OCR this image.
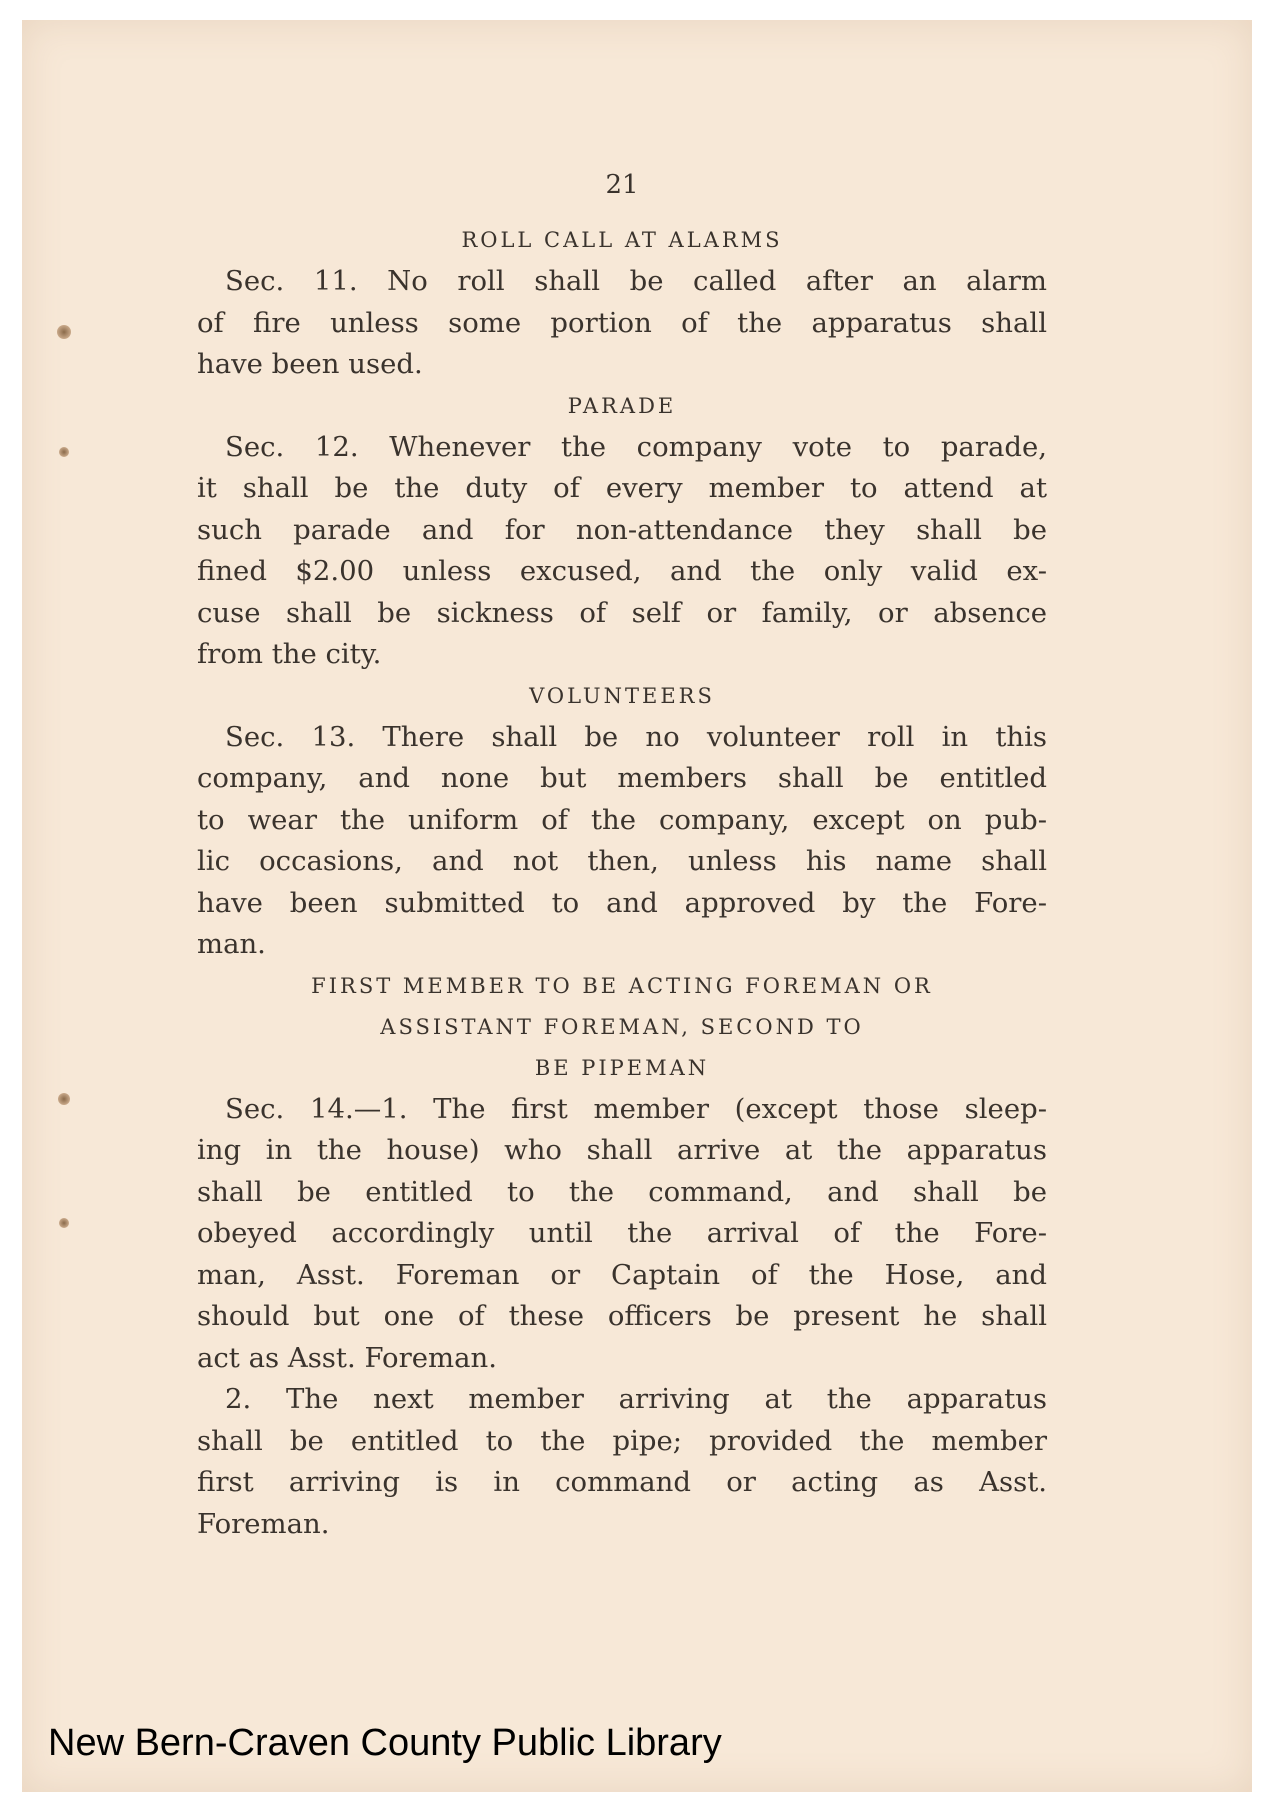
21

ROLL CALL AT ALARMS

Sec. 11. No roll shall be called after an alarm
of fire unless some portion of the apparatus shall
have been used.

PARADE

Sec. 12. Whenever the company vote to parade,
it shall be the duty of every member to attend at
such parade and for non-attendance they shall be
fined $2.00 unless excused, and the only valid ex-
cuse shall be sickness of self or family, or absence
from the city.

VOLUNTEERS

Sec. 13. There shall be no volunteer roll in this
company, and none but members shall be entitled
to wear the uniform of the company, except on pub-
lic occasions, and not then, unless his name shall
have been submitted to and approved by the Fore-
man.

FIRST MEMBER TO BE ACTING FOREMAN OR

ASSISTANT FOREMAN, SECOND TO

BE PIPEMAN

Sec. 14.—1. The first member (except those sleep-
ing in the house) who shall arrive at the apparatus
shall be entitled to the command, and shall be
obeyed accordingly until the arrival of the Fore-
man, Asst. Foreman or Captain of the Hose, and
should but one of these officers be present he shall
act as Asst. Foreman.
2. The next member arriving at the apparatus
shall be entitled to the pipe; provided the member
first arriving is in command or acting as Asst.
Foreman.
New Bern-Craven County Public Library
